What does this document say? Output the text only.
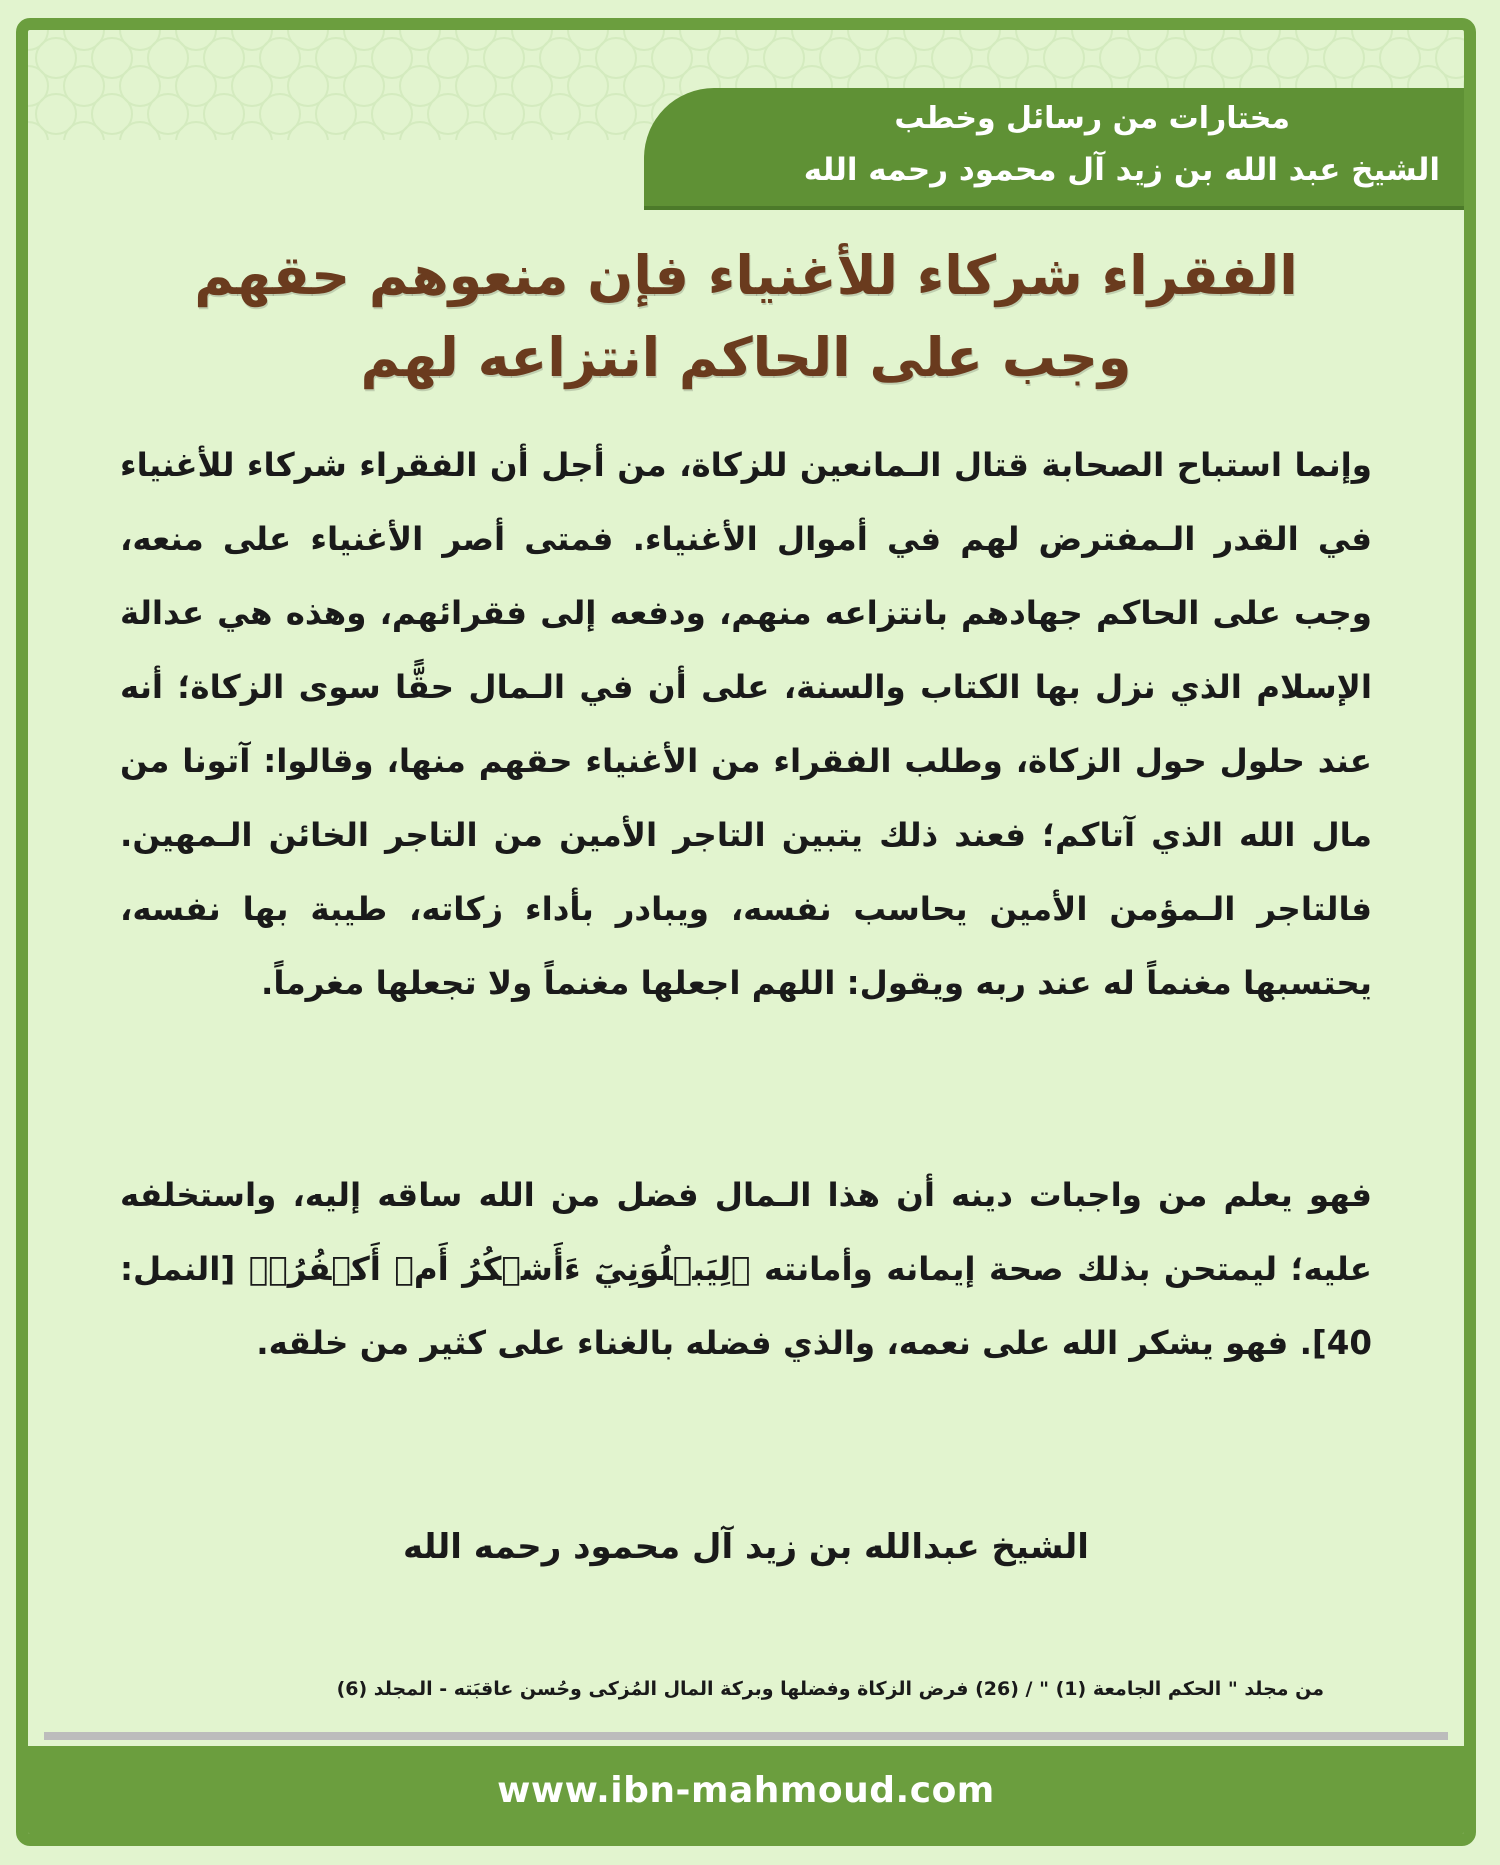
مختارات من رسائل وخطب
الشيخ عبد الله بن زيد آل محمود رحمه الله
الفقراء شركاء للأغنياء فإن منعوهم حقهم
وجب على الحاكم انتزاعه لهم

وإنما استباح الصحابة قتال الـمانعين للزكاة، من أجل أن الفقراء شركاء للأغنياء في القدر الـمفترض لهم في أموال الأغنياء. فمتى أصر الأغنياء على منعه، وجب على الحاكم جهادهم بانتزاعه منهم، ودفعه إلى فقرائهم، وهذه هي عدالة الإسلام الذي نزل بها الكتاب والسنة، على أن في الـمال حقًّا سوى الزكاة؛ أنه عند حلول حول الزكاة، وطلب الفقراء من الأغنياء حقهم منها، وقالوا: آتونا من مال الله الذي آتاكم؛ فعند ذلك يتبين التاجر الأمين من التاجر الخائن الـمهين. فالتاجر الـمؤمن الأمين يحاسب نفسه، ويبادر بأداء زكاته، طيبة بها نفسه، يحتسبها مغنماً له عند ربه ويقول: اللهم اجعلها مغنماً ولا تجعلها مغرماً.

فهو يعلم من واجبات دينه أن هذا الـمال فضل من الله ساقه إليه، واستخلفه عليه؛ ليمتحن بذلك صحة إيمانه وأمانته ﴿لِيَبۡلُوَنِيٓ ءَأَشۡكُرُ أَمۡ أَكۡفُرُۖ﴾ [النمل: 40]. فهو يشكر الله على نعمه، والذي فضله بالغناء على كثير من خلقه.

الشيخ عبدالله بن زيد آل محمود رحمه الله
من مجلد " الحكم الجامعة (1) " / (26) فرض الزكاة وفضلها وبركة المال المُزكى وحُسن عاقبَته - المجلد (6)
www.ibn-mahmoud.com
